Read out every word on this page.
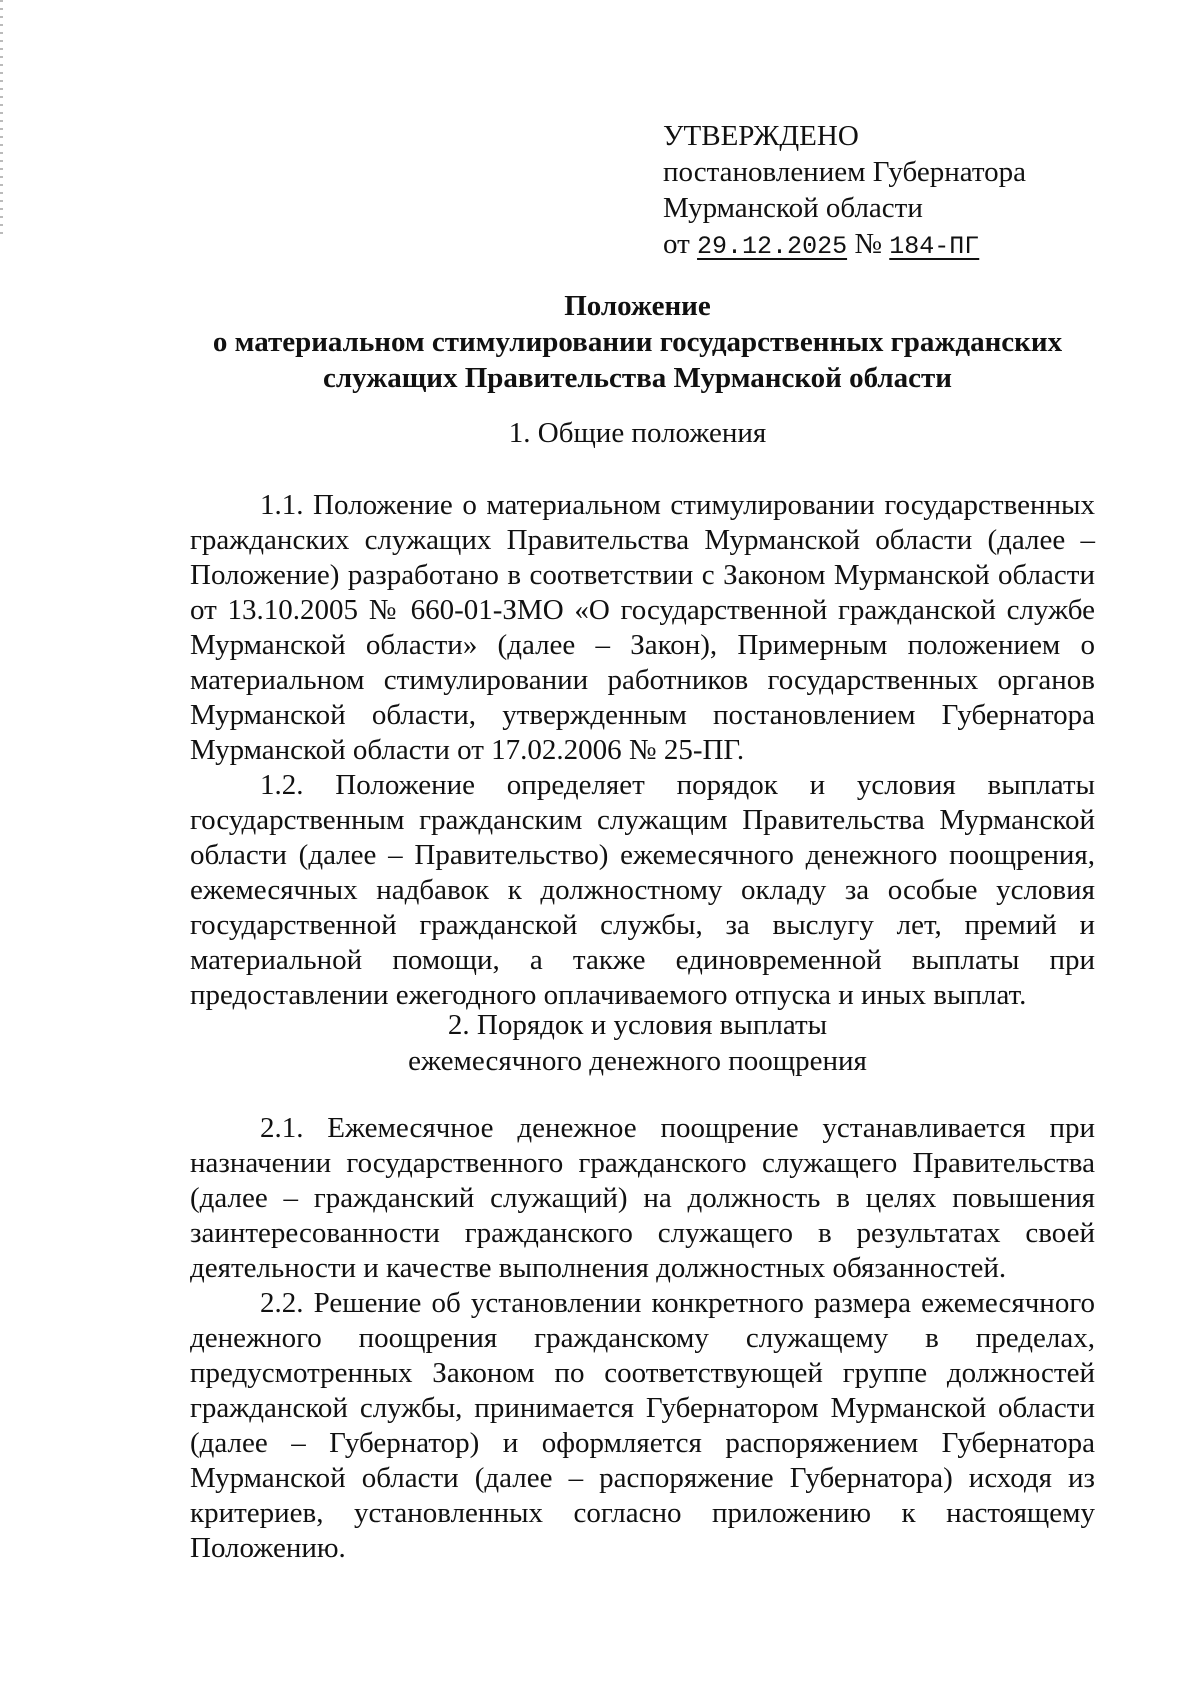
УТВЕРЖДЕНО
постановлением Губернатора
Мурманской области
от 29.12.2025 № 184-ПГ
Положение
о материальном стимулировании государственных гражданских
служащих Правительства Мурманской области
1. Общие положения

1.1. Положение о материальном стимулировании государственных гражданских служащих Правительства Мурманской области (далее – Положение) разработано в соответствии с Законом Мурманской области от 13.10.2005 № 660-01-ЗМО «О государственной гражданской службе Мурманской области» (далее – Закон), Примерным положением о материальном стимулировании работников государственных органов Мурманской области, утвержденным постановлением Губернатора Мурманской области от 17.02.2006 № 25-ПГ.

1.2. Положение определяет порядок и условия выплаты государственным гражданским служащим Правительства Мурманской области (далее – Правительство) ежемесячного денежного поощрения, ежемесячных надбавок к должностному окладу за особые условия государственной гражданской службы, за выслугу лет, премий и материальной помощи, а также единовременной выплаты при предоставлении ежегодного оплачиваемого отпуска и иных выплат.

2. Порядок и условия выплаты
ежемесячного денежного поощрения

2.1. Ежемесячное денежное поощрение устанавливается при назначении государственного гражданского служащего Правительства (далее – гражданский служащий) на должность в целях повышения заинтересованности гражданского служащего в результатах своей деятельности и качестве выполнения должностных обязанностей.

2.2. Решение об установлении конкретного размера ежемесячного денежного поощрения гражданскому служащему в пределах, предусмотренных Законом по соответствующей группе должностей гражданской службы, принимается Губернатором Мурманской области (далее – Губернатор) и оформляется распоряжением Губернатора Мурманской области (далее – распоряжение Губернатора) исходя из критериев, установленных согласно приложению к настоящему Положению.
